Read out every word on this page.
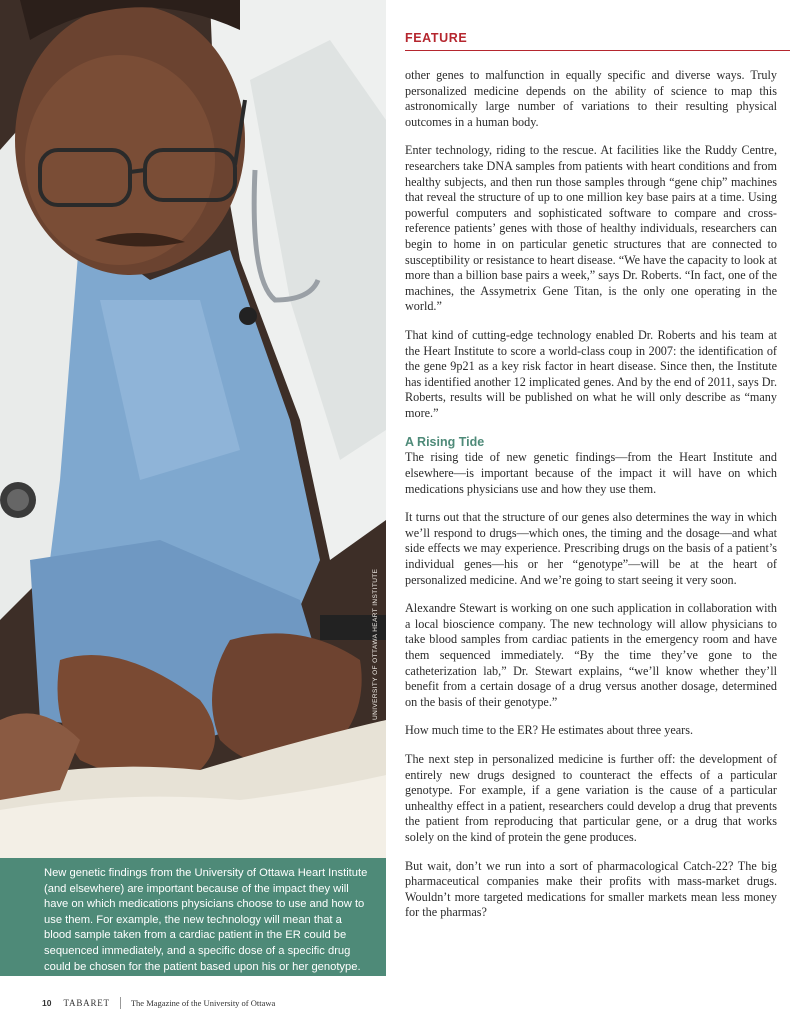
UNIVERSITY OF OTTAWA HEART INSTITUTE
New genetic findings from the University of Ottawa Heart Institute (and elsewhere) are important because of the impact they will have on which medications physicians choose to use and how to use them. For example, the new technology will mean that a blood sample taken from a cardiac patient in the ER could be sequenced immediately, and a specific dose of a specific drug could be chosen for the patient based upon his or her genotype.
FEATURE

other genes to malfunction in equally specific and diverse ways. Truly personalized medicine depends on the ability of science to map this astronomically large number of variations to their resulting physical outcomes in a human body.

Enter technology, riding to the rescue. At facilities like the Ruddy Centre, researchers take DNA samples from patients with heart conditions and from healthy subjects, and then run those samples through “gene chip” machines that reveal the structure of up to one million key base pairs at a time. Using powerful computers and sophisticated software to compare and cross-reference patients’ genes with those of healthy individuals, researchers can begin to home in on particular genetic structures that are connected to susceptibility or resistance to heart disease. “We have the capacity to look at more than a billion base pairs a week,” says Dr. Roberts. “In fact, one of the machines, the Assymetrix Gene Titan, is the only one operating in the world.”

That kind of cutting-edge technology enabled Dr. Roberts and his team at the Heart Institute to score a world-class coup in 2007: the identification of the gene 9p21 as a key risk factor in heart disease. Since then, the Institute has identified another 12 implicated genes. And by the end of 2011, says Dr. Roberts, results will be published on what he will only describe as “many more.”

A Rising Tide

The rising tide of new genetic findings—from the Heart Institute and elsewhere—is important because of the impact it will have on which medications physicians use and how they use them.

It turns out that the structure of our genes also determines the way in which we’ll respond to drugs—which ones, the timing and the dosage—and what side effects we may experience. Prescribing drugs on the basis of a patient’s individual genes—his or her “genotype”—will be at the heart of personalized medicine. And we’re going to start seeing it very soon.

Alexandre Stewart is working on one such application in collaboration with a local bioscience company. The new technology will allow physicians to take blood samples from cardiac patients in the emergency room and have them sequenced immediately. “By the time they’ve gone to the catheterization lab,” Dr. Stewart explains, “we’ll know whether they’ll benefit from a certain dosage of a drug versus another dosage, determined on the basis of their genotype.”

How much time to the ER? He estimates about three years.

The next step in personalized medicine is further off: the development of entirely new drugs designed to counteract the effects of a particular genotype. For example, if a gene variation is the cause of a particular unhealthy effect in a patient, researchers could develop a drug that prevents the patient from reproducing that particular gene, or a drug that works solely on the kind of protein the gene produces.

But wait, don’t we run into a sort of pharmacological Catch-22? The big pharmaceutical companies make their profits with mass-market drugs. Wouldn’t more targeted medications for smaller markets mean less money for the pharmas?

10 TABARET The Magazine of the University of Ottawa
